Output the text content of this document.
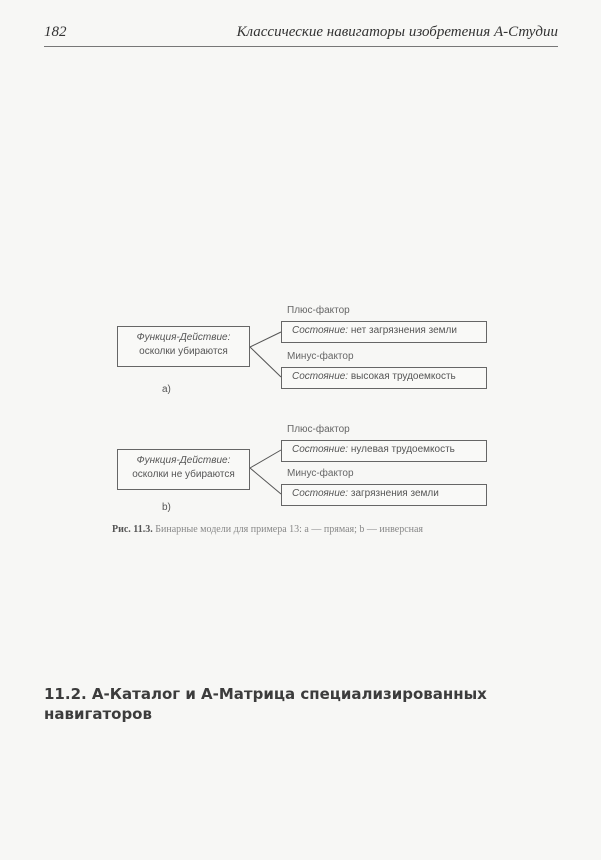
182	Классические навигаторы изобретения А-Студии
Функция-Действие:
осколки убираются
Плюс-фактор
Состояние: нет загрязнения земли
Минус-фактор
Состояние: высокая трудоемкость
а)
Функция-Действие:
осколки не убираются
Плюс-фактор
Состояние: нулевая трудоемкость
Минус-фактор
Состояние: загрязнения земли
b)
Рис. 11.3. Бинарные модели для примера 13: а — прямая; b — инверсная
11.2. А-Каталог и А-Матрица специализированных навигаторов
